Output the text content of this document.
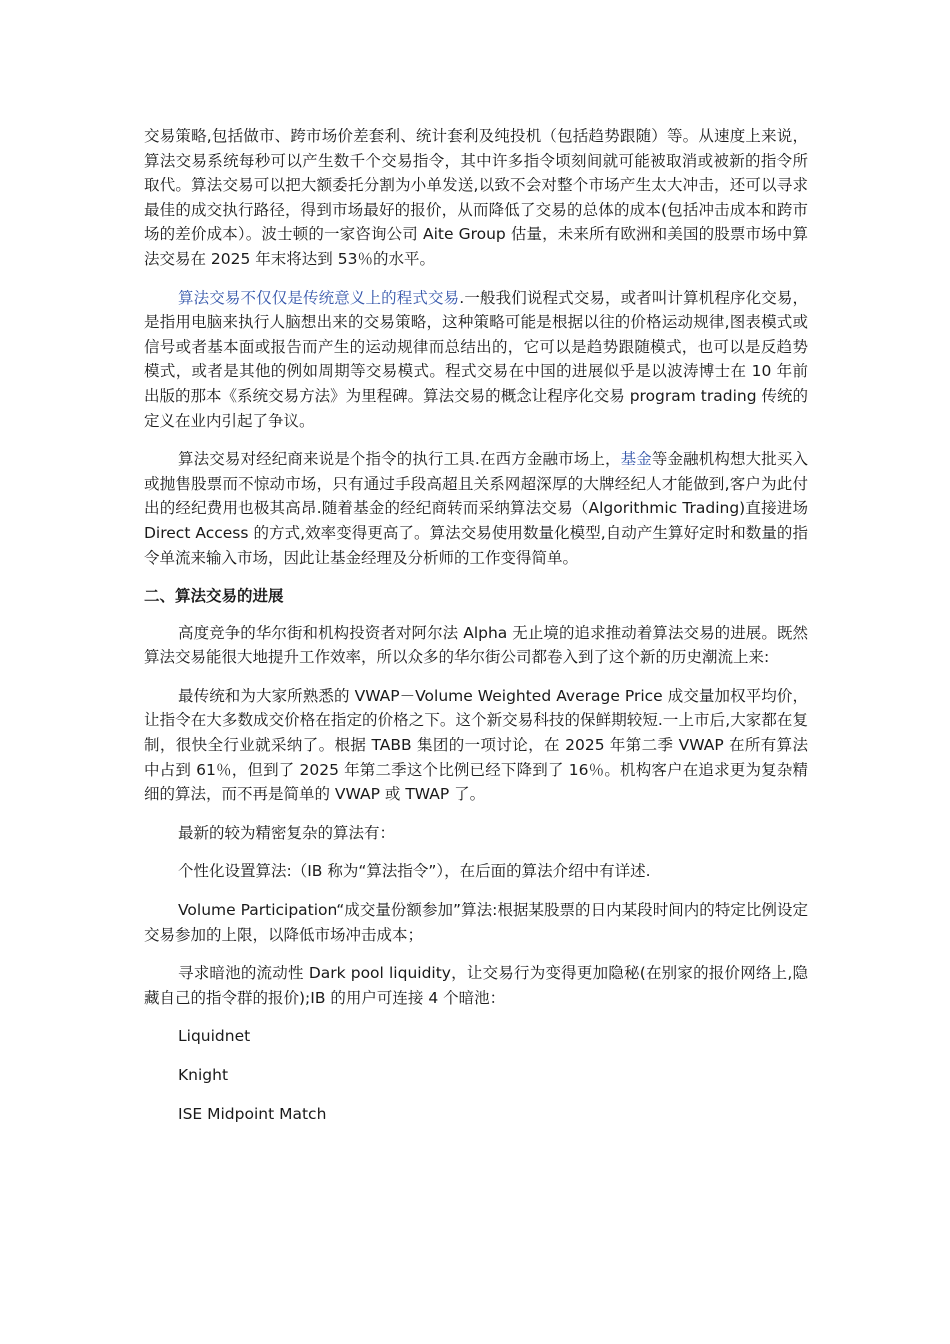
交易策略,包括做市、跨市场价差套利、统计套利及纯投机（包括趋势跟随）等。从速度上来说，算法交易系统每秒可以产生数千个交易指令，其中许多指令顷刻间就可能被取消或被新的指令所取代。算法交易可以把大额委托分割为小单发送,以致不会对整个市场产生太大冲击，还可以寻求最佳的成交执行路径，得到市场最好的报价，从而降低了交易的总体的成本(包括冲击成本和跨市场的差价成本）。波士顿的一家咨询公司 Aite Group 估量，未来所有欧洲和美国的股票市场中算法交易在 2025 年末将达到 53％的水平。

算法交易不仅仅是传统意义上的程式交易.一般我们说程式交易，或者叫计算机程序化交易，是指用电脑来执行人脑想出来的交易策略，这种策略可能是根据以往的价格运动规律,图表模式或信号或者基本面或报告而产生的运动规律而总结出的，它可以是趋势跟随模式，也可以是反趋势模式，或者是其他的例如周期等交易模式。程式交易在中国的进展似乎是以波涛博士在 10 年前出版的那本《系统交易方法》为里程碑。算法交易的概念让程序化交易 program trading 传统的定义在业内引起了争议。

算法交易对经纪商来说是个指令的执行工具.在西方金融市场上，基金等金融机构想大批买入或抛售股票而不惊动市场，只有通过手段高超且关系网超深厚的大牌经纪人才能做到,客户为此付出的经纪费用也极其高昂.随着基金的经纪商转而采纳算法交易（Algorithmic Trading)直接进场 Direct Access 的方式,效率变得更高了。算法交易使用数量化模型,自动产生算好定时和数量的指令单流来输入市场，因此让基金经理及分析师的工作变得简单。

二、算法交易的进展

高度竞争的华尔街和机构投资者对阿尔法 Alpha 无止境的追求推动着算法交易的进展。既然算法交易能很大地提升工作效率，所以众多的华尔街公司都卷入到了这个新的历史潮流上来:

最传统和为大家所熟悉的 VWAP－Volume Weighted Average Price 成交量加权平均价，让指令在大多数成交价格在指定的价格之下。这个新交易科技的保鲜期较短.一上市后,大家都在复制，很快全行业就采纳了。根据 TABB 集团的一项讨论，在 2025 年第二季 VWAP 在所有算法中占到 61％，但到了 2025 年第二季这个比例已经下降到了 16％。机构客户在追求更为复杂精细的算法，而不再是简单的 VWAP 或 TWAP 了。

最新的较为精密复杂的算法有：

个性化设置算法:（IB 称为“算法指令”），在后面的算法介绍中有详述.

Volume Participation“成交量份额参加”算法:根据某股票的日内某段时间内的特定比例设定交易参加的上限，以降低市场冲击成本；

寻求暗池的流动性 Dark pool liquidity，让交易行为变得更加隐秘(在别家的报价网络上,隐藏自己的指令群的报价);IB 的用户可连接 4 个暗池：

Liquidnet

Knight

ISE Midpoint Match
